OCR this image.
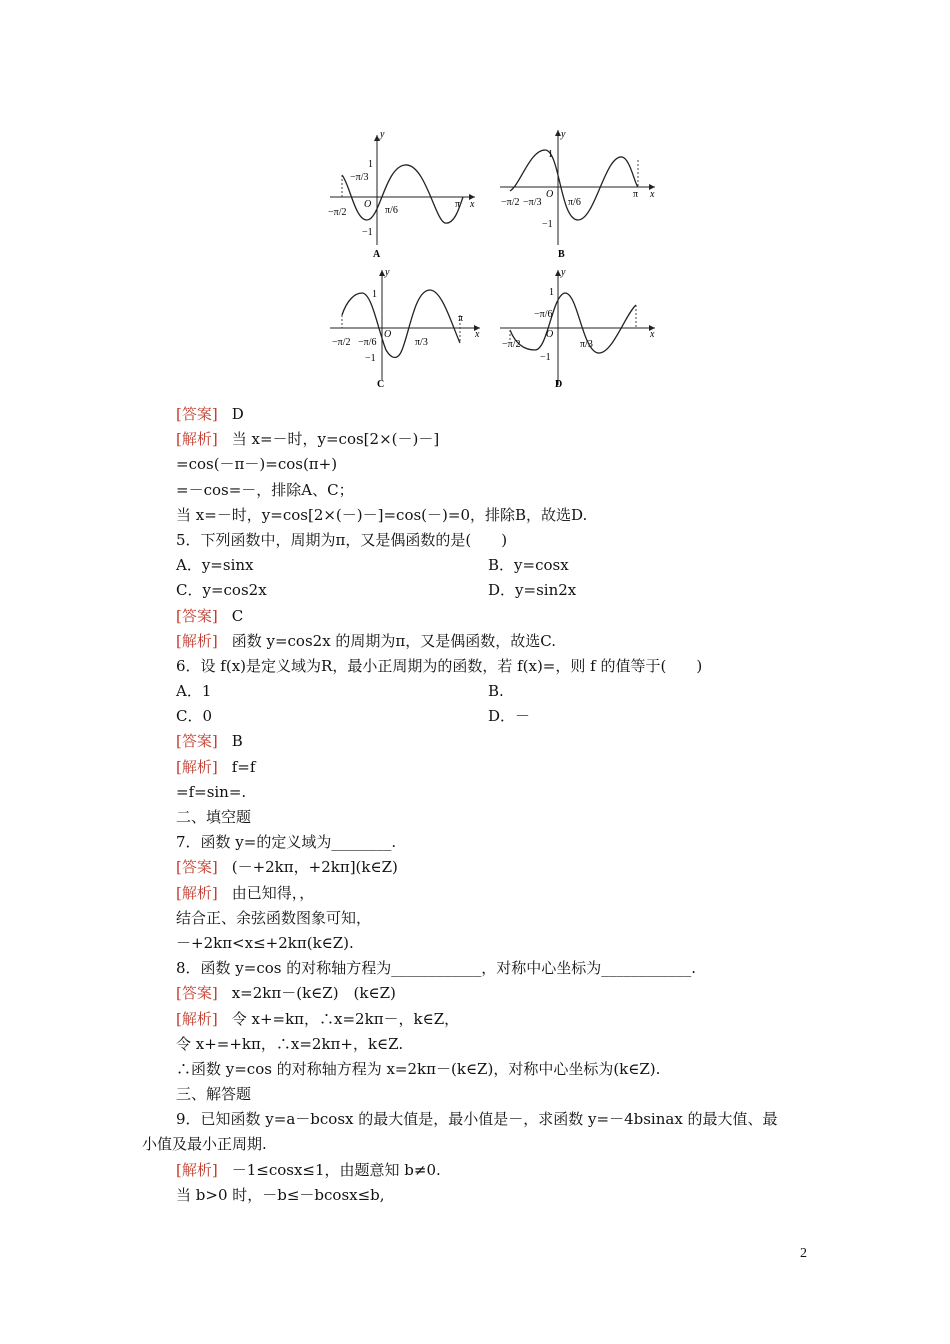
y
x
1
−1
−π/3
−π/2	π/6
π
O
A
y
x
1
−1
−π/2 −π/3	π/6
π
O
B
y
x
1
−1
−π/2 −π/6	π/3
π
O
C
y
x
1
−1
−π/6
−π/2	π/3
O
D
[答案] D
[解析] 当 x=－时，y=cos[2×(－)－]
=cos(－π－)=cos(π+)
=－cos=－，排除A、C；
当 x=－时，y=cos[2×(－)－]=cos(－)=0，排除B，故选D.
5．下列函数中，周期为π，又是偶函数的是(　　)
A．y=sinx	B．y=cosx
C．y=cos2x	D．y=sin2x
[答案] C
[解析] 函数 y=cos2x 的周期为π，又是偶函数，故选C.
6．设 f(x)是定义域为R，最小正周期为的函数，若 f(x)=，则 f 的值等于(　　)
A．1	B.
C．0	D．－
[答案] B
[解析] f=f
=f=sin=.
二、填空题
7．函数 y=的定义域为________.
[答案] (－+2kπ，+2kπ](k∈Z)
[解析] 由已知得，，
结合正、余弦函数图象可知，
－+2kπ<x≤+2kπ(k∈Z).
8．函数 y=cos 的对称轴方程为____________，对称中心坐标为____________.
[答案] x=2kπ－(k∈Z)　(k∈Z)
[解析] 令 x+=kπ，∴x=2kπ－，k∈Z，
令 x+=+kπ，∴x=2kπ+，k∈Z.
∴函数 y=cos 的对称轴方程为 x=2kπ－(k∈Z)，对称中心坐标为(k∈Z).
三、解答题
9．已知函数 y=a－bcosx 的最大值是，最小值是－，求函数 y=－4bsinax 的最大值、最
小值及最小正周期.
[解析] －1≤cosx≤1，由题意知 b≠0.
当 b>0 时，－b≤－bcosx≤b,
2
